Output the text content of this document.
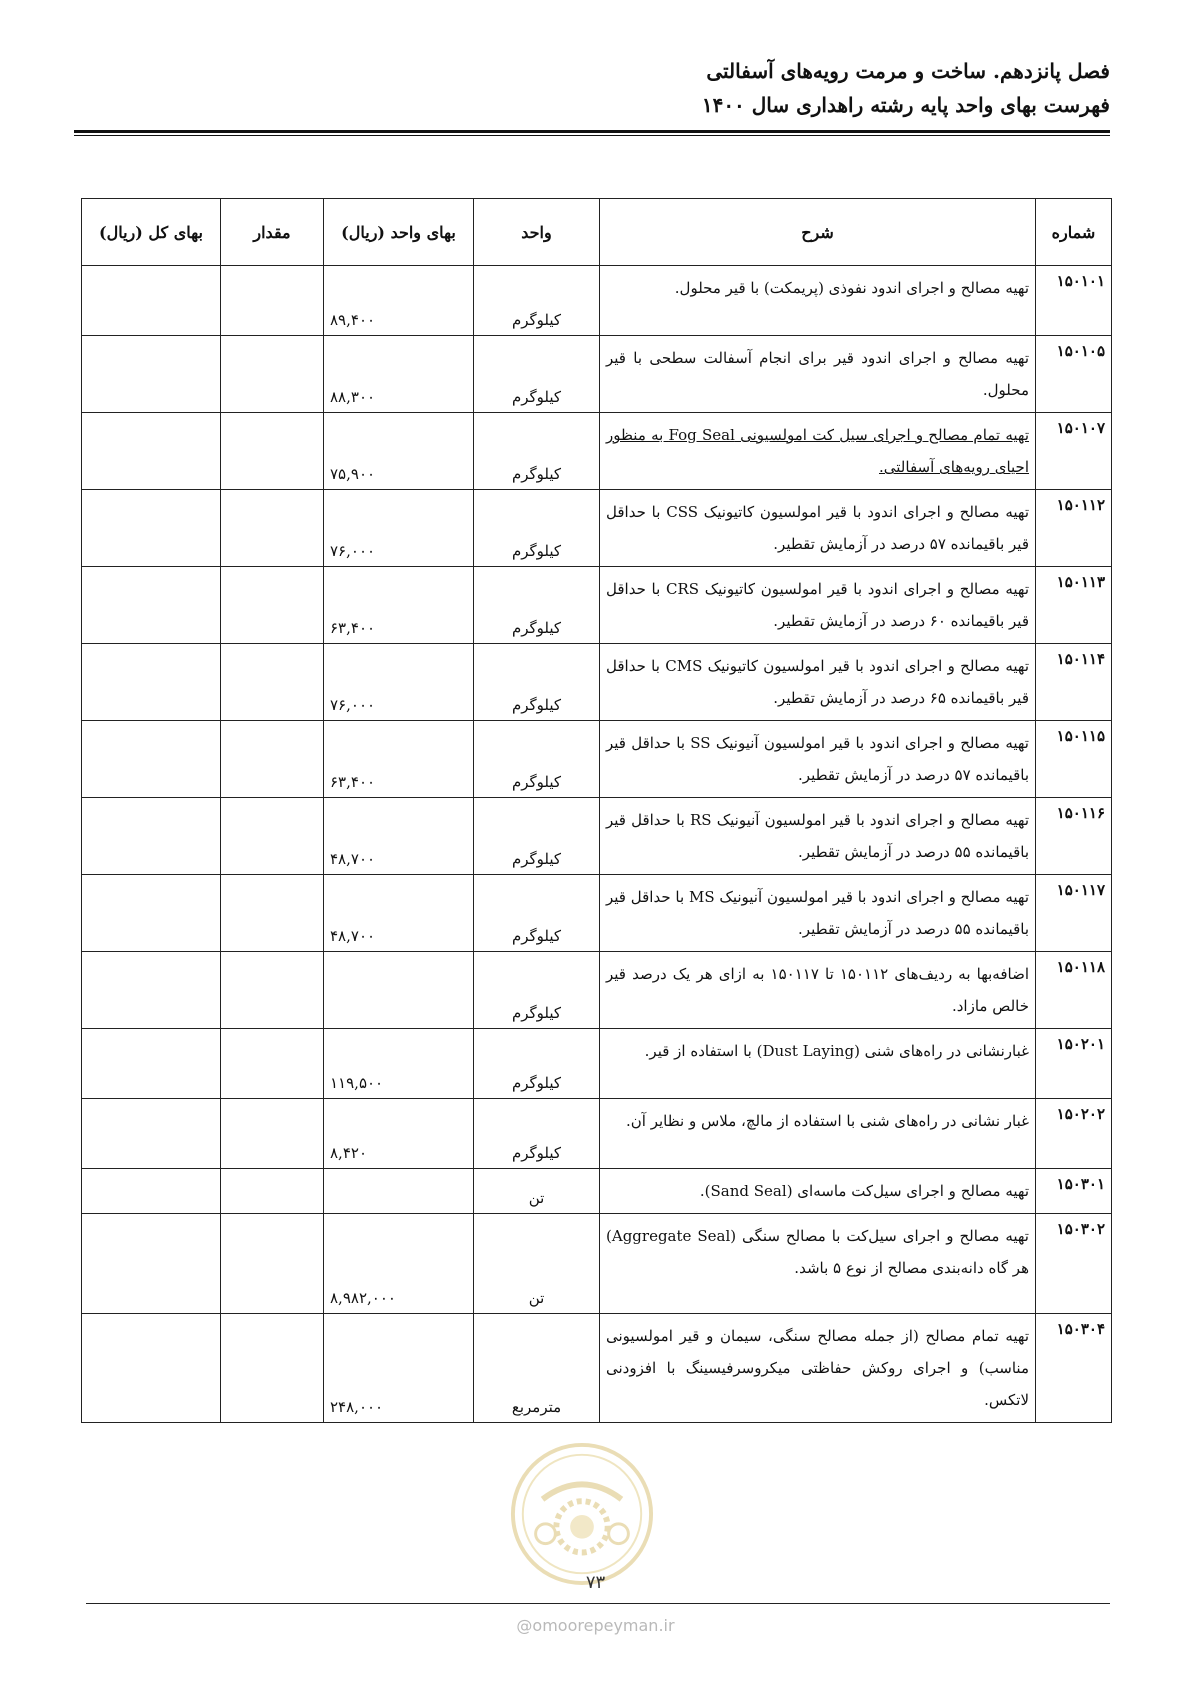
فصل پانزدهم. ساخت و مرمت رویه‌های آسفالتی
فهرست بهای واحد پایه رشته راهداری سال ۱۴۰۰
شماره	شرح	واحد	بهای واحد (ریال)	مقدار	بهای کل (ریال)
۱۵۰۱۰۱	تهیه مصالح و اجرای اندود نفوذی (پریمکت) با قیر محلول.	کیلوگرم	۸۹,۴۰۰		
۱۵۰۱۰۵	تهیه مصالح و اجرای اندود قیر برای انجام آسفالت سطحی با قیر محلول.	کیلوگرم	۸۸,۳۰۰		
۱۵۰۱۰۷	تهیه تمام مصالح و اجرای سیل کت امولسیونی Fog Seal به منظور احیای رویه‌های آسفالتی.	کیلوگرم	۷۵,۹۰۰		
۱۵۰۱۱۲	تهیه مصالح و اجرای اندود با قیر امولسیون کاتیونیک CSS با حداقل قیر باقیمانده ۵۷ درصد در آزمایش تقطیر.	کیلوگرم	۷۶,۰۰۰		
۱۵۰۱۱۳	تهیه مصالح و اجرای اندود با قیر امولسیون کاتیونیک CRS با حداقل قیر باقیمانده ۶۰ درصد در آزمایش تقطیر.	کیلوگرم	۶۳,۴۰۰		
۱۵۰۱۱۴	تهیه مصالح و اجرای اندود با قیر امولسیون کاتیونیک CMS با حداقل قیر باقیمانده ۶۵ درصد در آزمایش تقطیر.	کیلوگرم	۷۶,۰۰۰		
۱۵۰۱۱۵	تهیه مصالح و اجرای اندود با قیر امولسیون آنیونیک SS با حداقل قیر باقیمانده ۵۷ درصد در آزمایش تقطیر.	کیلوگرم	۶۳,۴۰۰		
۱۵۰۱۱۶	تهیه مصالح و اجرای اندود با قیر امولسیون آنیونیک RS با حداقل قیر باقیمانده ۵۵ درصد در آزمایش تقطیر.	کیلوگرم	۴۸,۷۰۰		
۱۵۰۱۱۷	تهیه مصالح و اجرای اندود با قیر امولسیون آنیونیک MS با حداقل قیر باقیمانده ۵۵ درصد در آزمایش تقطیر.	کیلوگرم	۴۸,۷۰۰		
۱۵۰۱۱۸	اضافه‌بها به ردیف‌های ۱۵۰۱۱۲ تا ۱۵۰۱۱۷ به ازای هر یک درصد قیر خالص مازاد.	کیلوگرم			
۱۵۰۲۰۱	غبارنشانی در راه‌های شنی (Dust Laying) با استفاده از قیر.	کیلوگرم	۱۱۹,۵۰۰		
۱۵۰۲۰۲	غبار نشانی در راه‌های شنی با استفاده از مالچ، ملاس و نظایر آن.	کیلوگرم	۸,۴۲۰		
۱۵۰۳۰۱	تهیه مصالح و اجرای سیل‌کت ماسه‌ای (Sand Seal).	تن			
۱۵۰۳۰۲	تهیه مصالح و اجرای سیل‌کت با مصالح سنگی (Aggregate Seal) هر گاه دانه‌بندی مصالح از نوع ۵ باشد.	تن	۸,۹۸۲,۰۰۰		
۱۵۰۳۰۴	تهیه تمام مصالح (از جمله مصالح سنگی، سیمان و قیر امولسیونی مناسب) و اجرای روکش حفاظتی میکروسرفیسینگ با افزودنی لاتکس.	مترمربع	۲۴۸,۰۰۰		
۷۳
@omoorepeyman.ir
